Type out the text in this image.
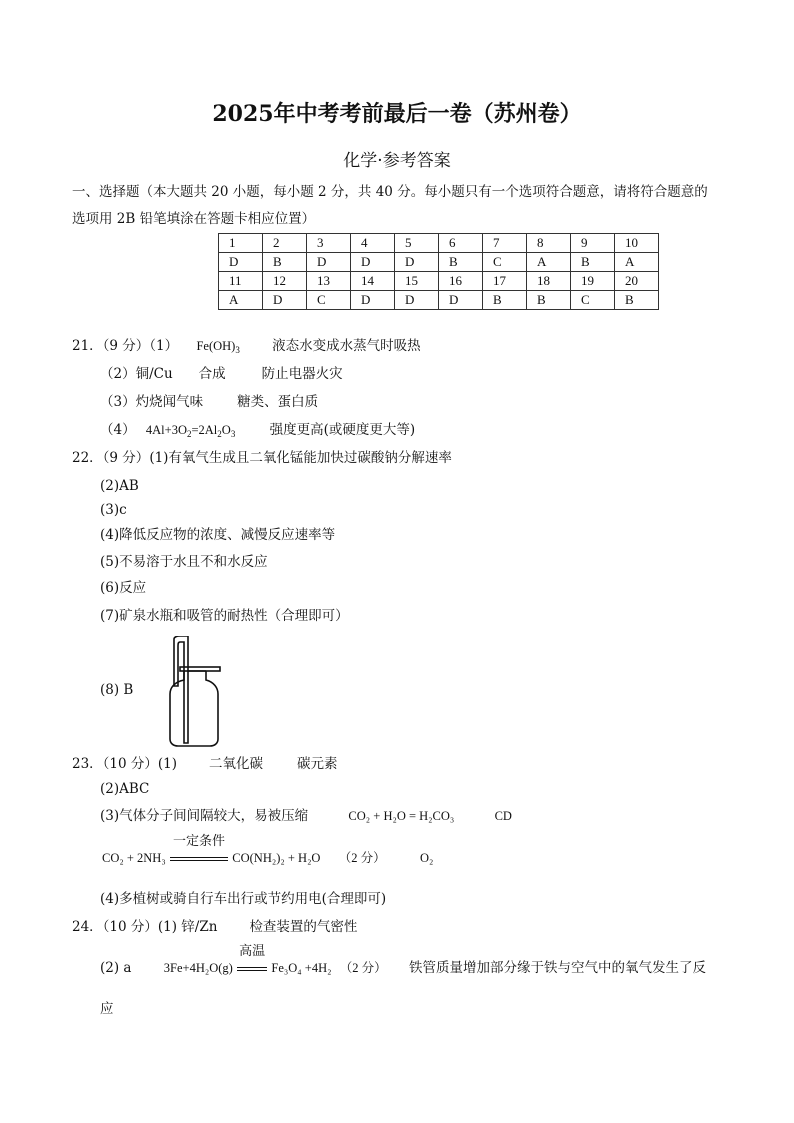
2025年中考考前最后一卷（苏州卷）
化学·参考答案
一、选择题（本大题共 20 小题，每小题 2 分，共 40 分。每小题只有一个选项符合题意，请将符合题意的
选项用 2B 铅笔填涂在答题卡相应位置）
1	2	3	4	5	6	7	8	9	10
D	B	D	D	D	B	C	A	B	A
11	12	13	14	15	16	17	18	19	20
A	D	C	D	D	D	B	B	C	B
21．（9 分）（1） $Fe(OH)_3$ 液态水变成水蒸气时吸热
（2）铜/Cu 合成	防止电器火灾
（3）灼烧闻气味	糖类、蛋白质
（4） $4Al+3O_2=2Al_2O_3$	强度更高(或硬度更大等)
22．（9 分）(1)有氧气生成且二氧化锰能加快过碳酸钠分解速率
(2)AB
(3)c
(4)降低反应物的浓度、减慢反应速率等
(5)不易溶于水且不和水反应
(6)反应
(7)矿泉水瓶和吸管的耐热性（合理即可）
(8) B
23．（10 分）(1) 二氧化碳	碳元素
(2)ABC
(3)气体分子间间隔较大，易被压缩	CO₂ + H₂O = H₂CO₃	CD
CO₂ + 2NH₃
一定条件
CO(NH₂)₂ + H₂O （2 分）	O₂
(4)多植树或骑自行车出行或节约用电(合理即可)
24．（10 分）(1) 锌/Zn 检查装置的气密性
(2) a	3Fe+4H₂O(g)
高温
Fe₃O₄ +4H₂ （2 分） 铁管质量增加部分缘于铁与空气中的氧气发生了反
应
